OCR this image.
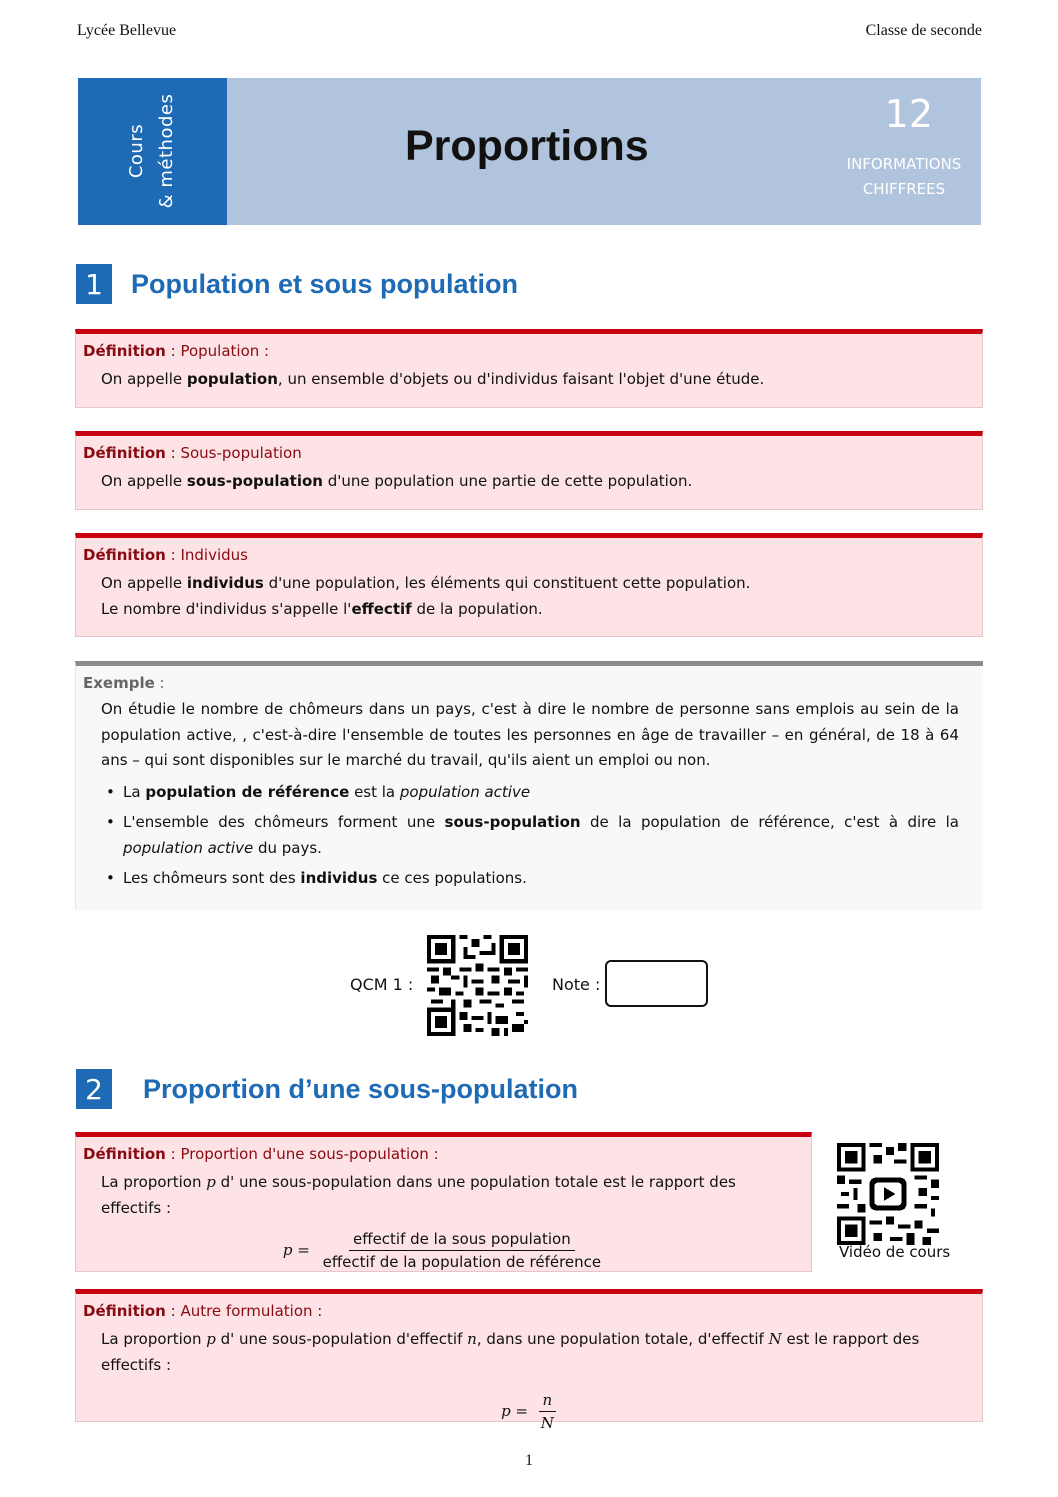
Lycée Bellevue	Classe de seconde
Cours & méthodes	Proportions
12
INFORMATIONS
CHIFFREES
1	Population et sous population
Définition : Population :
On appelle population, un ensemble d'objets ou d'individus faisant l'objet d'une étude.
Définition : Sous-population
On appelle sous-population d'une population une partie de cette population.
Définition : Individus
On appelle individus d'une population, les éléments qui constituent cette population.
Le nombre d'individus s'appelle l'effectif de la population.
Exemple :

On étudie le nombre de chômeurs dans un pays, c'est à dire le nombre de personne sans emplois au sein de la population active, , c'est-à-dire l'ensemble de toutes les personnes en âge de travailler – en général, de 18 à 64 ans – qui sont disponibles sur le marché du travail, qu'ils aient un emploi ou non.

• La population de référence est la population active
• L'ensemble des chômeurs forment une sous-population de la population de référence, c'est à dire la population active du pays.
• Les chômeurs sont des individus ce ces populations.
QCM 1 :	Note :
2	Proportion d’une sous-population
Définition : Proportion d'une sous-population :
La proportion p d' une sous-population dans une population totale est le rapport des effectifs :
$p = \frac{\text{effectif de la sous population}}{\text{effectif de la population de référence}}$	Vidéo de cours
Définition : Autre formulation :
La proportion p d' une sous-population d'effectif n, dans une population totale, d'effectif N est le rapport des effectifs :
$p = \frac{n}{N}$
1
